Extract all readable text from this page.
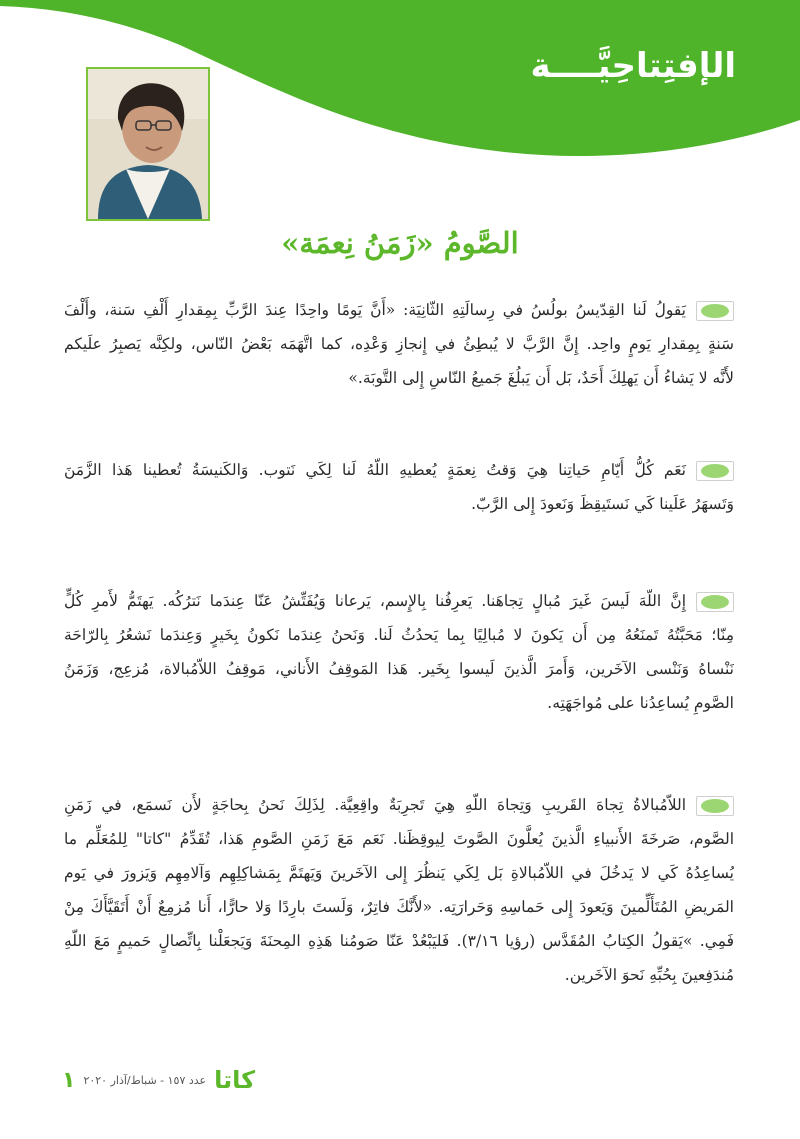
الإفتِتاحِيَّــــة
الصَّومُ «زَمَنُ نِعمَة»
يَقولُ لَنا القِدّيسُ بولُسُ في رِسالَتِهِ الثّانِيَة: «أَنَّ يَومًا واحِدًا عِندَ الرَّبِّ بِمِقدارِ أَلْفِ سَنة، وأَلْفَ
سَنةٍ بِمِقدارِ يَومٍ واحِد. إِنَّ الرَّبَّ لا يُبطِئُ في إِنجازِ وَعْدِه، كما اتَّهَمَه بَعْضُ النّاس، ولكِنَّه يَصبِرُ علَيكم
لأَنَّه لا يَشاءُ أَن يَهلِكَ أَحَدٌ، بَل أَن يَبلُغَ جَميعُ النّاسِ إِلى التَّوبَة.»
نَعَم كُلُّ أَيّامِ حَياتِنا هِيَ وَقتُ نِعمَةٍ يُعطيهِ اللّهُ لَنا لِكَي نَتوب. وَالكَنيسَةُ تُعطينا هَذا الزَّمَنَ
وَتَسهَرُ عَلَينا كَي نَستَيقِظَ وَنَعودَ إِلى الرَّبّ.
إِنَّ اللّهَ لَيسَ غَيرَ مُبالٍ تِجاهَنا. يَعرِفُنا بِالإِسم، يَرعانا وَيُفَتِّشُ عَنّا عِندَما نَترُكُه. يَهتَمُّ لأَمرِ كُلٍّ
مِنّا؛ مَحَبَّتُهُ تَمنَعُهُ مِن أَن يَكونَ لا مُبالِيًا بِما يَحدُثُ لَنا. وَنَحنُ عِندَما نَكونُ بِخَيرٍ وَعِندَما نَشعُرُ بِالرّاحَة
نَنْساهُ وَنَنْسى الآخَرين، وَأَمرَ الَّذينَ لَيسوا بِخَير. هَذا المَوقِفُ الأَناني، مَوقِفُ اللاّمُبالاة، مُزعِج، وَزَمَنُ
الصَّومِ يُساعِدُنا على مُواجَهَتِه.
اللاّمُبالاةُ تِجاهَ القَريبِ وَتِجاهَ اللّهِ هِيَ تَجرِبَةٌ واقِعِيَّة. لِذَلِكَ نَحنُ بِحاجَةٍ لأَن نَسمَع، في زَمَنِ
الصَّوم، صَرخَةَ الأَنبياءِ الَّذينَ يُعلَّونَ الصَّوتَ لِيوقِظَنا. نَعَم مَعَ زَمَنِ الصَّومِ هَذا، تُقَدِّمُ "كاتا" لِلمُعَلِّم ما
يُساعِدُهُ كَي لا يَدخُلَ في اللاّمُبالاةِ بَل لِكَي يَنظُرَ إِلى الآخَرينَ وَيَهتَمَّ بِمَشاكِلِهِم وَآلامِهِم وَيَزورَ في يَوم
المَريضِ المُتَأَلِّمينَ وَيَعودَ إِلى حَماسِهِ وَحَرارَتِه. «لأَنَّكَ فاتِرٌ، وَلَستَ بارِدًا وَلا حارًّا، أَنا مُزمِعٌ أَنْ أَتَقَيَّأَكَ مِنْ
فَمِي. »يَقولُ الكِتابُ المُقَدَّس (رؤيا ٣/١٦). فَليَبْعُدْ عَنّا صَومُنا هَذِهِ المِحنَةَ وَيَجعَلْنا بِاتِّصالٍ حَميمٍ مَعَ اللّهِ
مُندَفِعينَ بِحُبِّهِ نَحوَ الآخَرين.
كاتا
عدد ١٥٧ - شباط/آذار ٢٠٢٠
١
